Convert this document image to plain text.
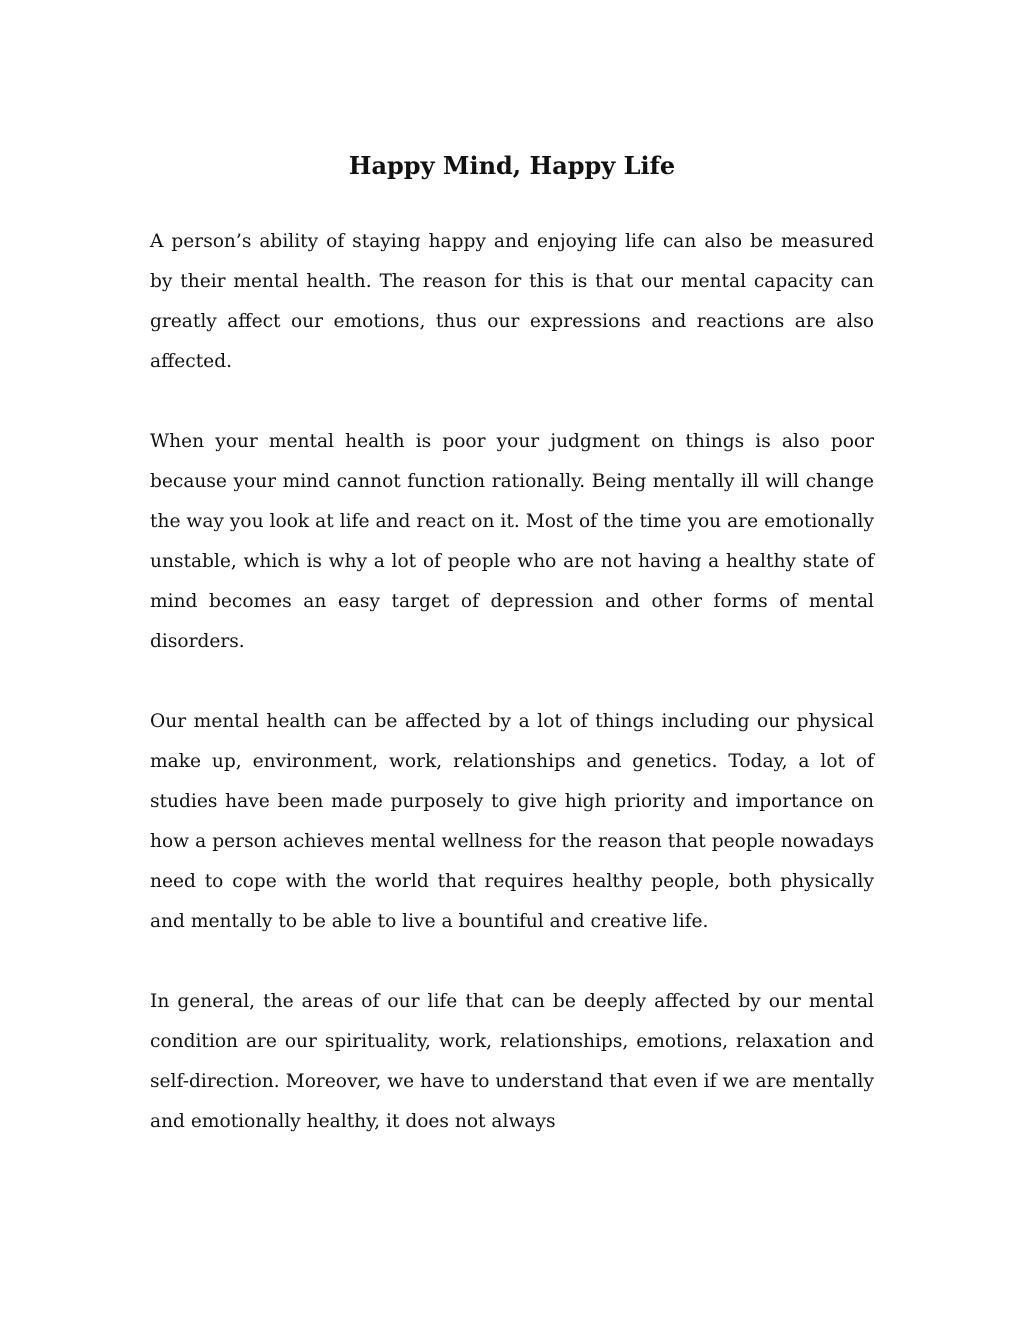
Happy Mind, Happy Life

A person’s ability of staying happy and enjoying life can also be measured by their mental health. The reason for this is that our mental capacity can greatly affect our emotions, thus our expressions and reactions are also affected.

When your mental health is poor your judgment on things is also poor because your mind cannot function rationally. Being mentally ill will change the way you look at life and react on it. Most of the time you are emotionally unstable, which is why a lot of people who are not having a healthy state of mind becomes an easy target of depression and other forms of mental disorders.

Our mental health can be affected by a lot of things including our physical make up, environment, work, relationships and genetics. Today, a lot of studies have been made purposely to give high priority and importance on how a person achieves mental wellness for the reason that people nowadays need to cope with the world that requires healthy people, both physically and mentally to be able to live a bountiful and creative life.

In general, the areas of our life that can be deeply affected by our mental condition are our spirituality, work, relationships, emotions, relaxation and self-direction. Moreover, we have to understand that even if we are mentally and emotionally healthy, it does not always
